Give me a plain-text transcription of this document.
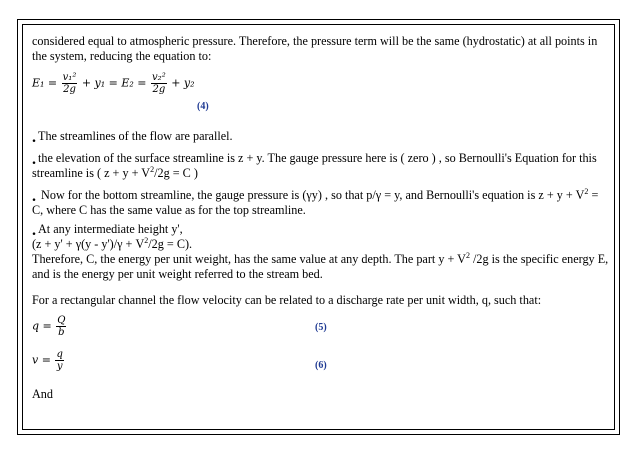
considered equal to atmospheric pressure. Therefore, the pressure term will be the same (hydrostatic) at all points in
the system, reducing the equation to:
$E_1 = \frac{\text{v₁²}}{2g} + y_1 = E_2 = \frac{\text{v₂²}}{2g} + y_2$
(4)
. The streamlines of the flow are parallel.
. the elevation of the surface streamline is z + y. The gauge pressure here is ( zero ) , so Bernoulli's Equation for this
streamline is ( $z + y + V^2/2g = C$ )
. Now for the bottom streamline, the gauge pressure is (γy) , so that p/γ = y, and Bernoulli's equation is $z + y + V^2$ =
C, where C has the same value as for the top streamline.
. At any intermediate height y',
$(z + y' + \gamma(y - y')/\gamma + V^2/2g = C)$.
Therefore, C, the energy per unit weight, has the same value at any depth. The part $y + V^2$ /2g is the specific energy E,
and is the energy per unit weight referred to the stream bed.
For a rectangular channel the flow velocity can be related to a discharge rate per unit width, q, such that:
$q = \frac{Q}{b}$	(5)
$v = \frac{q}{y}$	(6)
And
